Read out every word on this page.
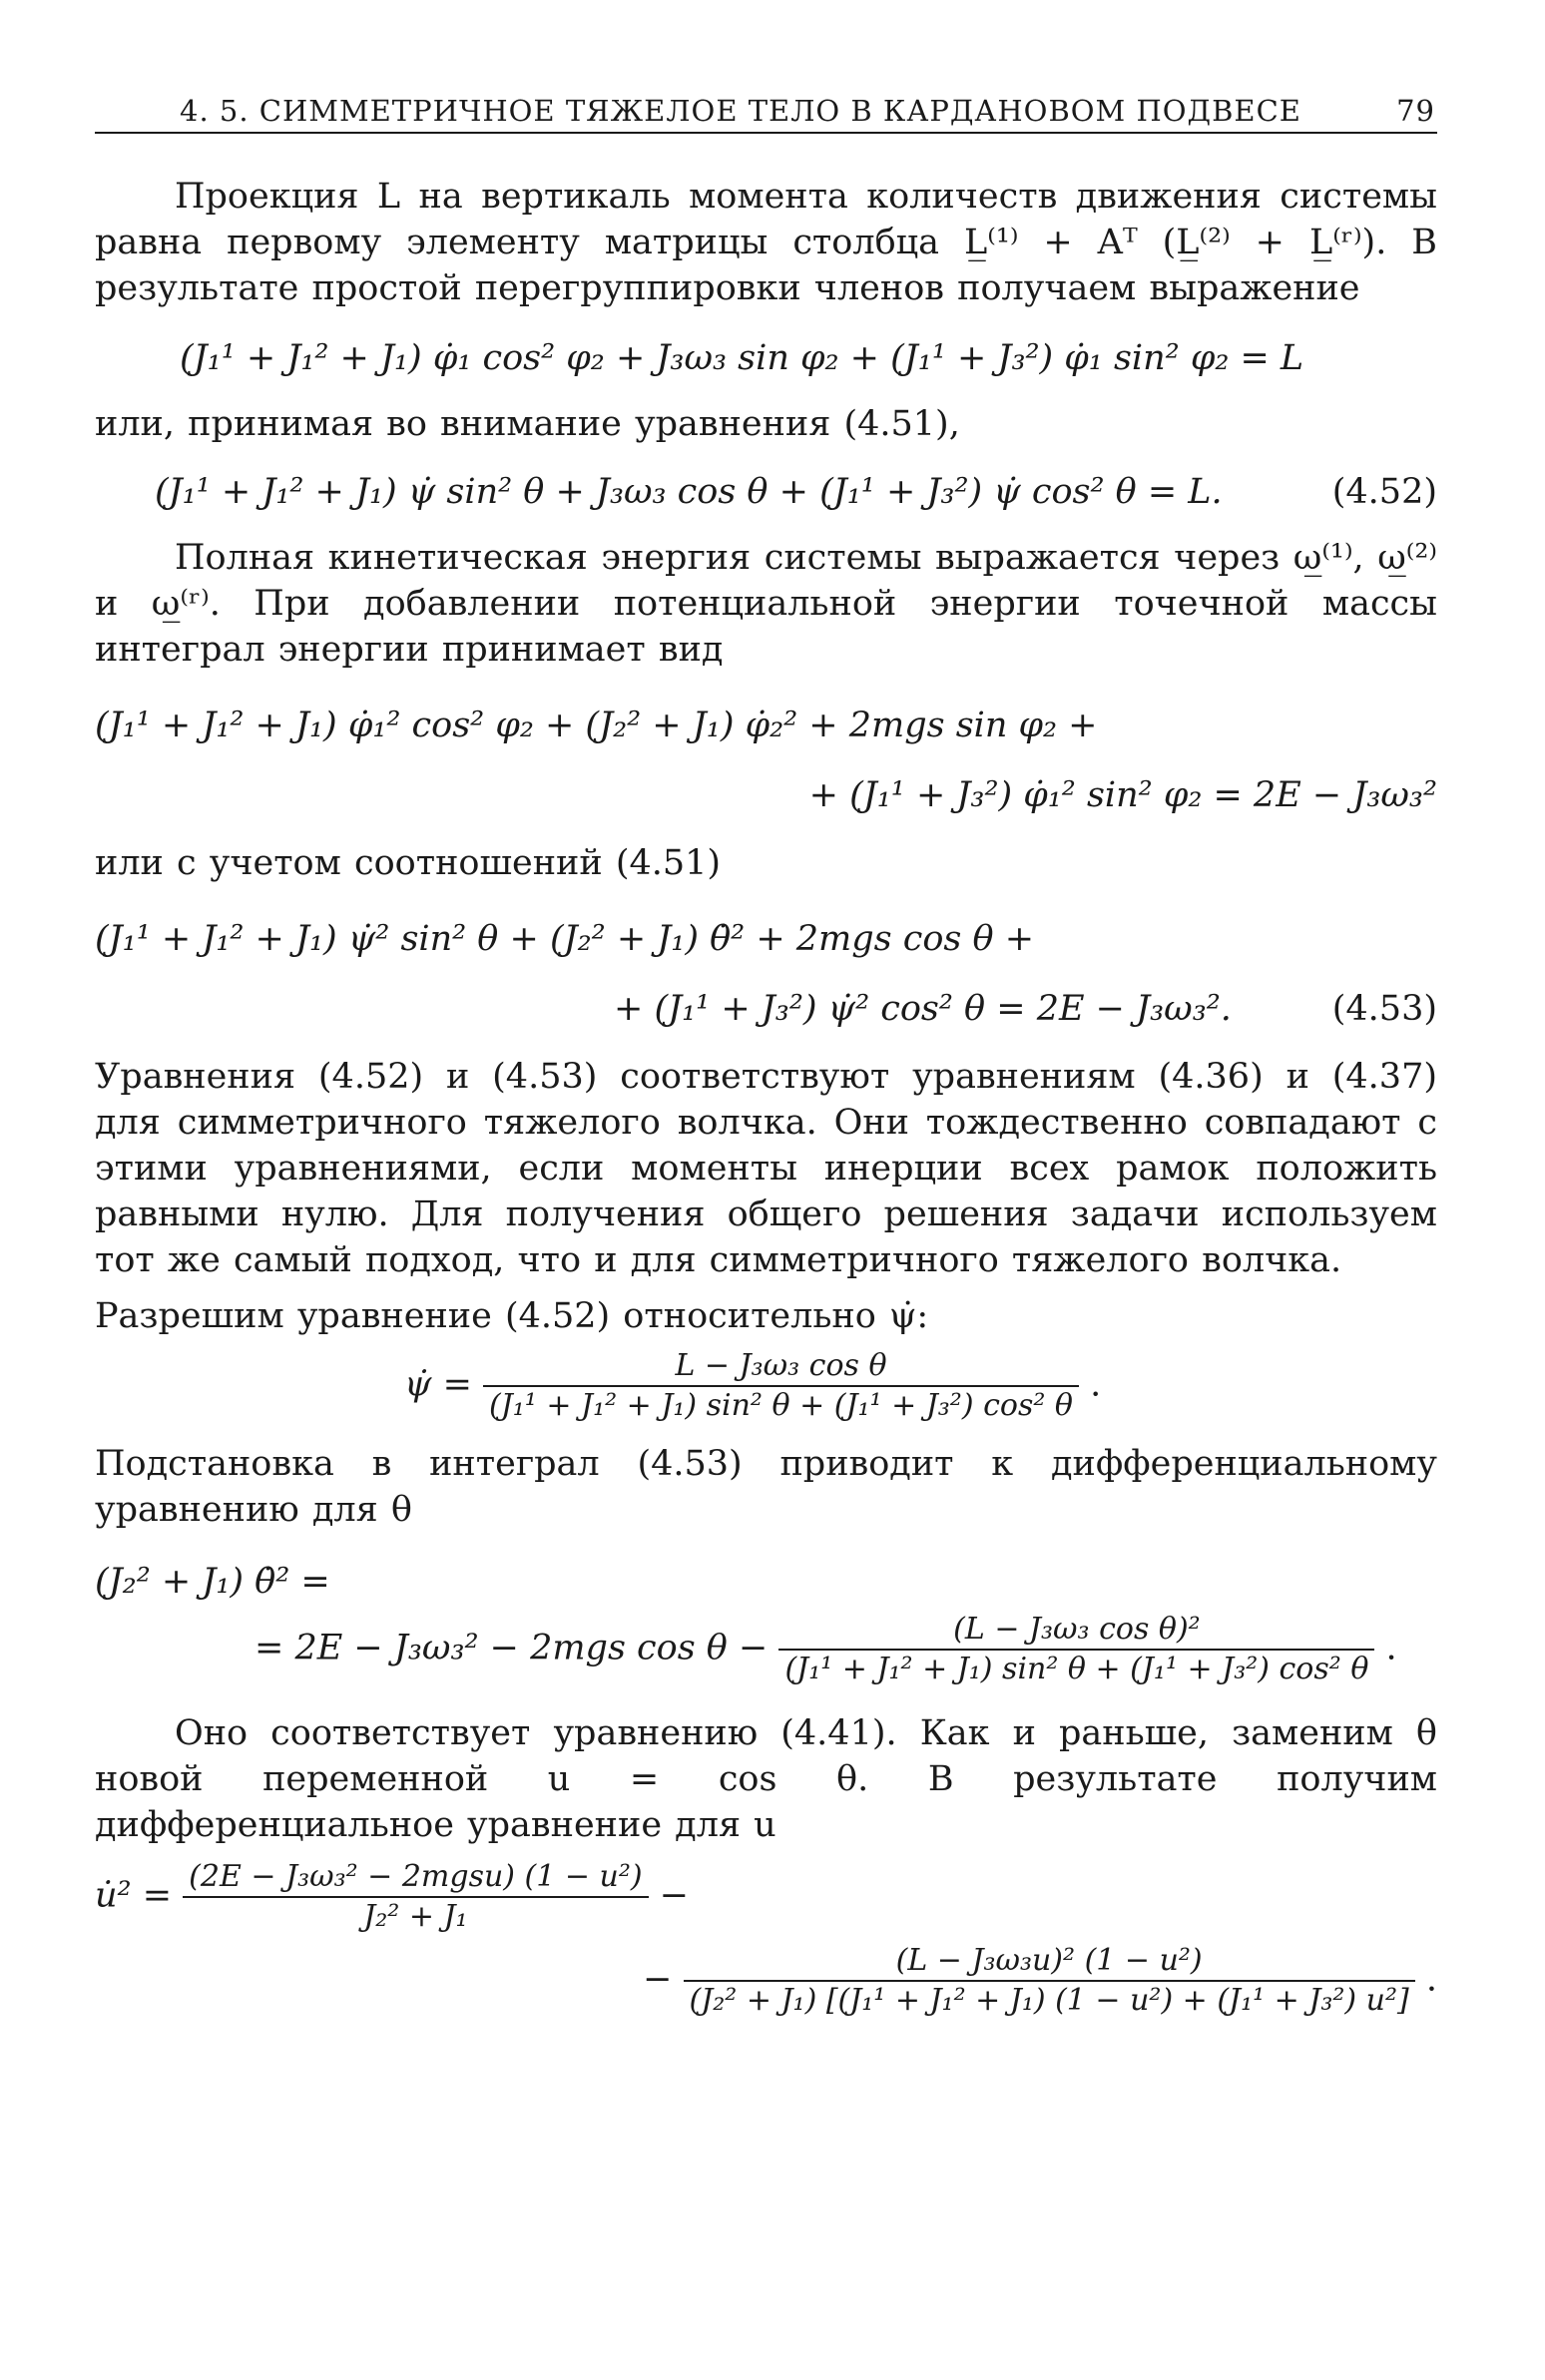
4. 5. СИММЕТРИЧНОЕ ТЯЖЕЛОЕ ТЕЛО В КАРДАНОВОМ ПОДВЕСЕ	79

Проекция L на вертикаль момента количеств движения системы равна первому элементу матрицы столбца L̲⁽¹⁾ + Aᵀ (L̲⁽²⁾ + L̲⁽ʳ⁾). В результате простой перегруппировки членов получаем выражение

(J₁¹ + J₁² + J₁) φ̇₁ cos² φ₂ + J₃ω₃ sin φ₂ + (J₁¹ + J₃²) φ̇₁ sin² φ₂ = L

или, принимая во внимание уравнения (4.51),

(J₁¹ + J₁² + J₁) ψ̇ sin² θ + J₃ω₃ cos θ + (J₁¹ + J₃²) ψ̇ cos² θ = L.	(4.52)

Полная кинетическая энергия системы выражается через ω̲⁽¹⁾, ω̲⁽²⁾ и ω̲⁽ʳ⁾. При добавлении потенциальной энергии точечной массы интеграл энергии принимает вид

(J₁¹ + J₁² + J₁) φ̇₁² cos² φ₂ + (J₂² + J₁) φ̇₂² + 2mgs sin φ₂ +
+ (J₁¹ + J₃²) φ̇₁² sin² φ₂ = 2E − J₃ω₃²

или с учетом соотношений (4.51)

(J₁¹ + J₁² + J₁) ψ̇² sin² θ + (J₂² + J₁) θ̇² + 2mgs cos θ +
+ (J₁¹ + J₃²) ψ̇² cos² θ = 2E − J₃ω₃².	(4.53)

Уравнения (4.52) и (4.53) соответствуют уравнениям (4.36) и (4.37) для симметричного тяжелого волчка. Они тождественно совпадают с этими уравнениями, если моменты инерции всех рамок положить равными нулю. Для получения общего решения задачи используем тот же самый подход, что и для симметричного тяжелого волчка.

Разрешим уравнение (4.52) относительно ψ̇:

ψ̇ = $\frac{\text{L − J₃ω₃ cos θ}}{\text{(J₁¹ + J₁² + J₁) sin² θ + (J₁¹ + J₃²) cos² θ}}$ .

Подстановка в интеграл (4.53) приводит к дифференциальному уравнению для θ

(J₂² + J₁) θ̇² =
= 2E − J₃ω₃² − 2mgs $\cos \theta - \frac{\text{(L − J₃ω₃ cos θ)²}}{\text{(J₁¹ + J₁² + J₁) sin² θ + (J₁¹ + J₃²) cos² θ}}$ .

Оно соответствует уравнению (4.41). Как и раньше, заменим θ новой переменной u = cos θ. В результате получим дифференциальное уравнение для u

u̇² = $\frac{\text{(2E − J₃ω₃² − 2mgsu) (1 − u²)}}{\text{J₂² + J₁}}$ −
− $\frac{\text{(L − J₃ω₃u)² (1 − u²)}}{\text{(J₂² + J₁) [(J₁¹ + J₁² + J₁) (1 − u²) + (J₁¹ + J₃²) u²]}}$ .
